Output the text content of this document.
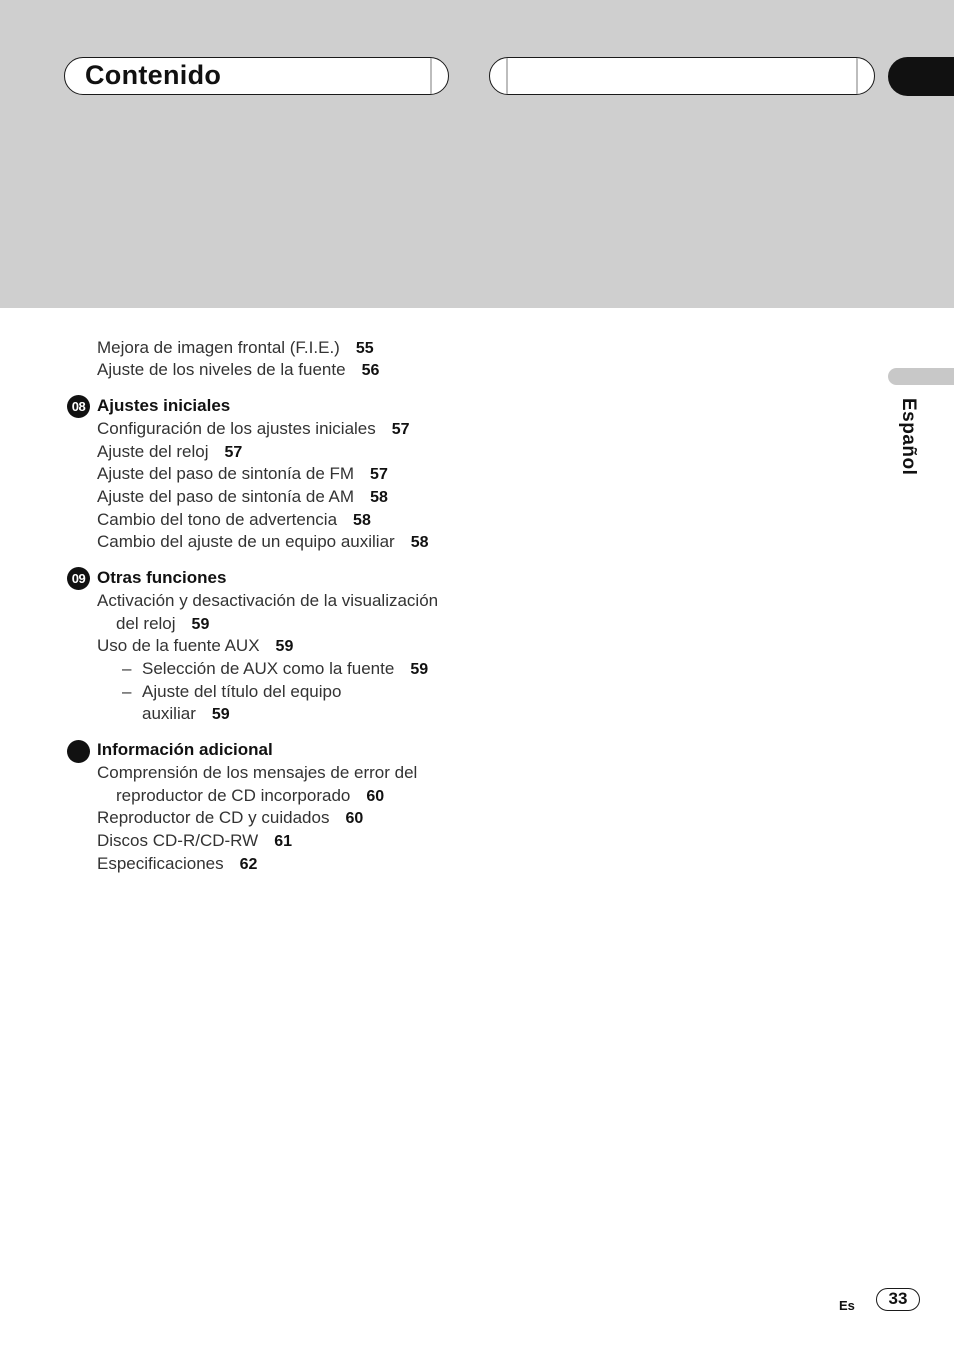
Contenido
Español
Mejora de imagen frontal (F.I.E.) 55
Ajuste de los niveles de la fuente 56
08 Ajustes iniciales
Configuración de los ajustes iniciales 57
Ajuste del reloj 57
Ajuste del paso de sintonía de FM 57
Ajuste del paso de sintonía de AM 58
Cambio del tono de advertencia 58
Cambio del ajuste de un equipo auxiliar 58
09 Otras funciones
Activación y desactivación de la visualización
del reloj 59
Uso de la fuente AUX 59
– Selección de AUX como la fuente 59
– Ajuste del título del equipo
auxiliar 59
Información adicional
Comprensión de los mensajes de error del
reproductor de CD incorporado 60
Reproductor de CD y cuidados 60
Discos CD-R/CD-RW 61
Especificaciones 62
Es	33
